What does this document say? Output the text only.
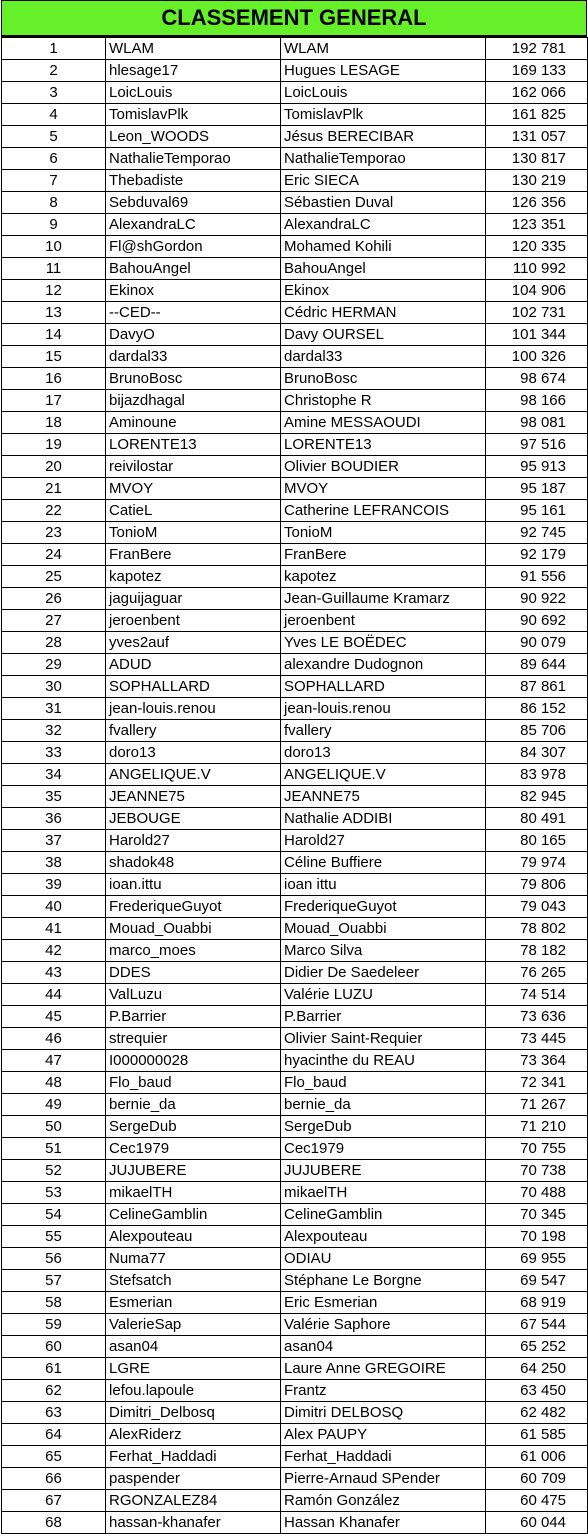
CLASSEMENT GENERAL
1	WLAM	WLAM	192 781
2	hlesage17	Hugues LESAGE	169 133
3	LoicLouis	LoicLouis	162 066
4	TomislavPlk	TomislavPlk	161 825
5	Leon_WOODS	Jésus BERECIBAR	131 057
6	NathalieTemporao	NathalieTemporao	130 817
7	Thebadiste	Eric SIECA	130 219
8	Sebduval69	Sébastien Duval	126 356
9	AlexandraLC	AlexandraLC	123 351
10	Fl@shGordon	Mohamed Kohili	120 335
11	BahouAngel	BahouAngel	110 992
12	Ekinox	Ekinox	104 906
13	--CED--	Cédric HERMAN	102 731
14	DavyO	Davy OURSEL	101 344
15	dardal33	dardal33	100 326
16	BrunoBosc	BrunoBosc	98 674
17	bijazdhagal	Christophe R	98 166
18	Aminoune	Amine MESSAOUDI	98 081
19	LORENTE13	LORENTE13	97 516
20	reivilostar	Olivier BOUDIER	95 913
21	MVOY	MVOY	95 187
22	CatieL	Catherine LEFRANCOIS	95 161
23	TonioM	TonioM	92 745
24	FranBere	FranBere	92 179
25	kapotez	kapotez	91 556
26	jaguijaguar	Jean-Guillaume Kramarz	90 922
27	jeroenbent	jeroenbent	90 692
28	yves2auf	Yves LE BOËDEC	90 079
29	ADUD	alexandre Dudognon	89 644
30	SOPHALLARD	SOPHALLARD	87 861
31	jean-louis.renou	jean-louis.renou	86 152
32	fvallery	fvallery	85 706
33	doro13	doro13	84 307
34	ANGELIQUE.V	ANGELIQUE.V	83 978
35	JEANNE75	JEANNE75	82 945
36	JEBOUGE	Nathalie ADDIBI	80 491
37	Harold27	Harold27	80 165
38	shadok48	Céline Buffiere	79 974
39	ioan.ittu	ioan ittu	79 806
40	FrederiqueGuyot	FrederiqueGuyot	79 043
41	Mouad_Ouabbi	Mouad_Ouabbi	78 802
42	marco_moes	Marco Silva	78 182
43	DDES	Didier De Saedeleer	76 265
44	ValLuzu	Valérie LUZU	74 514
45	P.Barrier	P.Barrier	73 636
46	strequier	Olivier Saint-Requier	73 445
47	I000000028	hyacinthe du REAU	73 364
48	Flo_baud	Flo_baud	72 341
49	bernie_da	bernie_da	71 267
50	SergeDub	SergeDub	71 210
51	Cec1979	Cec1979	70 755
52	JUJUBERE	JUJUBERE	70 738
53	mikaelTH	mikaelTH	70 488
54	CelineGamblin	CelineGamblin	70 345
55	Alexpouteau	Alexpouteau	70 198
56	Numa77	ODIAU	69 955
57	Stefsatch	Stéphane Le Borgne	69 547
58	Esmerian	Eric Esmerian	68 919
59	ValerieSap	Valérie Saphore	67 544
60	asan04	asan04	65 252
61	LGRE	Laure Anne GREGOIRE	64 250
62	lefou.lapoule	Frantz	63 450
63	Dimitri_Delbosq	Dimitri DELBOSQ	62 482
64	AlexRiderz	Alex PAUPY	61 585
65	Ferhat_Haddadi	Ferhat_Haddadi	61 006
66	paspender	Pierre-Arnaud SPender	60 709
67	RGONZALEZ84	Ramón González	60 475
68	hassan-khanafer	Hassan Khanafer	60 044
